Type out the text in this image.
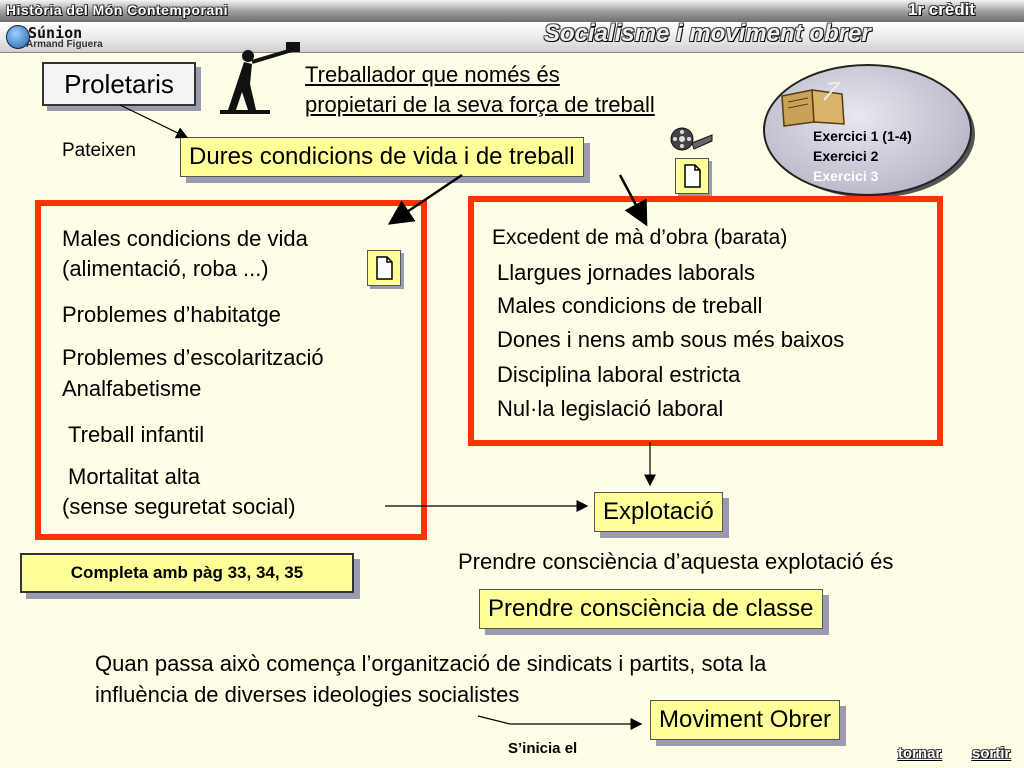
Història del Món Contemporani	1r crèdit
Súnion
Armand Figuera	Socialisme i moviment obrer
Proletaris	Treballador que només és
propietari de la seva força de treball
Pateixen	Dures condicions de vida i de treball
Exercici 1 (1-4)
Exercici 2
Exercici 3
Males condicions de vida
(alimentació, roba ...)
Problemes d’habitatge
Problemes d’escolarització
Analfabetisme
Treball infantil
Mortalitat alta
(sense seguretat social)
Excedent de mà d’obra (barata)
Llargues jornades laborals
Males condicions de treball
Dones i nens amb sous més baixos
Disciplina laboral estricta
Nul·la legislació laboral
Explotació
Completa amb pàg 33, 34, 35	Prendre consciència d’aquesta explotació és
Prendre consciència de classe
Quan passa això comença l’organització de sindicats i partits, sota la
influència de diverses ideologies socialistes
Moviment Obrer
S’inicia el	tornar sortir
